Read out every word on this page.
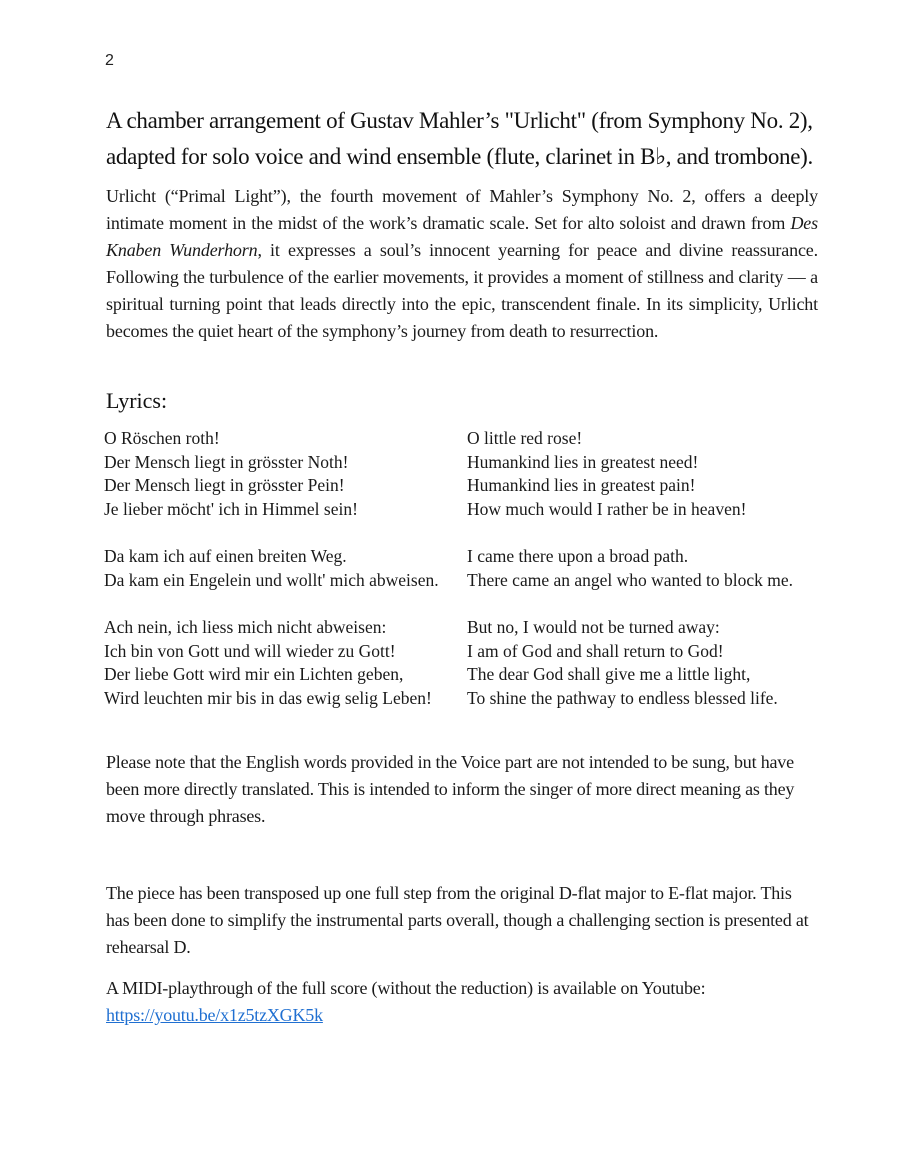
2
A chamber arrangement of Gustav Mahler’s "Urlicht" (from Symphony No. 2),
adapted for solo voice and wind ensemble (flute, clarinet in B♭, and trombone).

Urlicht (“Primal Light”), the fourth movement of Mahler’s Symphony No. 2, offers a deeply intimate moment in the midst of the work’s dramatic scale. Set for alto soloist and drawn from Des Knaben Wunderhorn, it expresses a soul’s innocent yearning for peace and divine reassurance. Following the turbulence of the earlier movements, it provides a moment of stillness and clarity — a spiritual turning point that leads directly into the epic, transcendent finale. In its simplicity, Urlicht becomes the quiet heart of the symphony’s journey from death to resurrection.

Lyrics:
O Röschen roth!
Der Mensch liegt in grösster Noth!
Der Mensch liegt in grösster Pein!
Je lieber möcht' ich in Himmel sein!
O little red rose!
Humankind lies in greatest need!
Humankind lies in greatest pain!
How much would I rather be in heaven!
Da kam ich auf einen breiten Weg.
Da kam ein Engelein und wollt' mich abweisen.
I came there upon a broad path.
There came an angel who wanted to block me.
Ach nein, ich liess mich nicht abweisen:
Ich bin von Gott und will wieder zu Gott!
Der liebe Gott wird mir ein Lichten geben,
Wird leuchten mir bis in das ewig selig Leben!
But no, I would not be turned away:
I am of God and shall return to God!
The dear God shall give me a little light,
To shine the pathway to endless blessed life.

Please note that the English words provided in the Voice part are not intended to be sung, but have been more directly translated. This is intended to inform the singer of more direct meaning as they move through phrases.

The piece has been transposed up one full step from the original D-flat major to E-flat major. This has been done to simplify the instrumental parts overall, though a challenging section is presented at rehearsal D.

A MIDI-playthrough of the full score (without the reduction) is available on Youtube:
https://youtu.be/x1z5tzXGK5k
